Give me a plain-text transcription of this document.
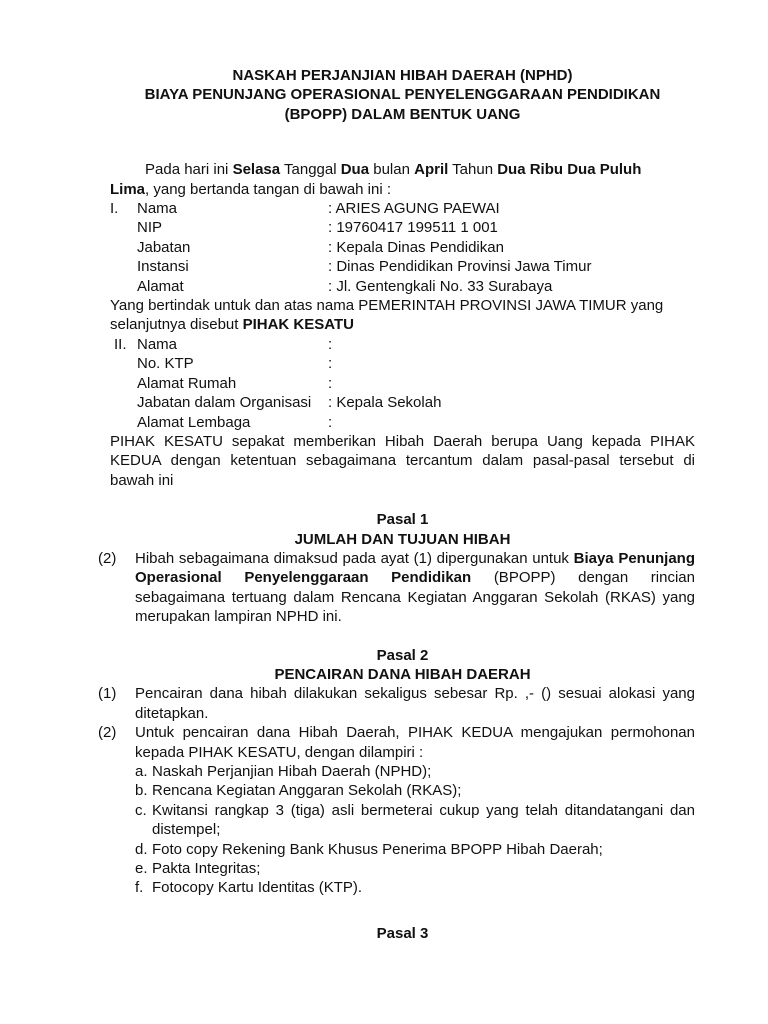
NASKAH PERJANJIAN HIBAH DAERAH (NPHD)
BIAYA PENUNJANG OPERASIONAL PENYELENGGARAAN PENDIDIKAN
(BPOPP) DALAM BENTUK UANG
Pada hari ini Selasa Tanggal Dua bulan April Tahun Dua Ribu Dua Puluh
Lima, yang bertanda tangan di bawah ini :
I.	Nama	: ARIES AGUNG PAEWAI
NIP	: 19760417 199511 1 001
Jabatan	: Kepala Dinas Pendidikan
Instansi	: Dinas Pendidikan Provinsi Jawa Timur
Alamat	: Jl. Gentengkali No. 33 Surabaya
Yang bertindak untuk dan atas nama PEMERINTAH PROVINSI JAWA TIMUR yang
selanjutnya disebut PIHAK KESATU
II. Nama	:
No. KTP	:
Alamat Rumah	:
Jabatan dalam Organisasi	: Kepala Sekolah
Alamat Lembaga	:
PIHAK KESATU sepakat memberikan Hibah Daerah berupa Uang kepada PIHAK KEDUA dengan ketentuan sebagaimana tercantum dalam pasal-pasal tersebut di bawah ini
Pasal 1
JUMLAH DAN TUJUAN HIBAH
(2)	Hibah sebagaimana dimaksud pada ayat (1) dipergunakan untuk Biaya Penunjang Operasional Penyelenggaraan Pendidikan (BPOPP) dengan rincian sebagaimana tertuang dalam Rencana Kegiatan Anggaran Sekolah (RKAS) yang merupakan lampiran NPHD ini.
Pasal 2
PENCAIRAN DANA HIBAH DAERAH
(1)	Pencairan dana hibah dilakukan sekaligus sebesar Rp. ,- () sesuai alokasi yang ditetapkan.
(2)	Untuk pencairan dana Hibah Daerah, PIHAK KEDUA mengajukan permohonan kepada PIHAK KESATU, dengan dilampiri :
a. Naskah Perjanjian Hibah Daerah (NPHD);
b. Rencana Kegiatan Anggaran Sekolah (RKAS);
c. Kwitansi rangkap 3 (tiga) asli bermeterai cukup yang telah ditandatangani dan distempel;
d. Foto copy Rekening Bank Khusus Penerima BPOPP Hibah Daerah;
e. Pakta Integritas;
f. Fotocopy Kartu Identitas (KTP).
Pasal 3
